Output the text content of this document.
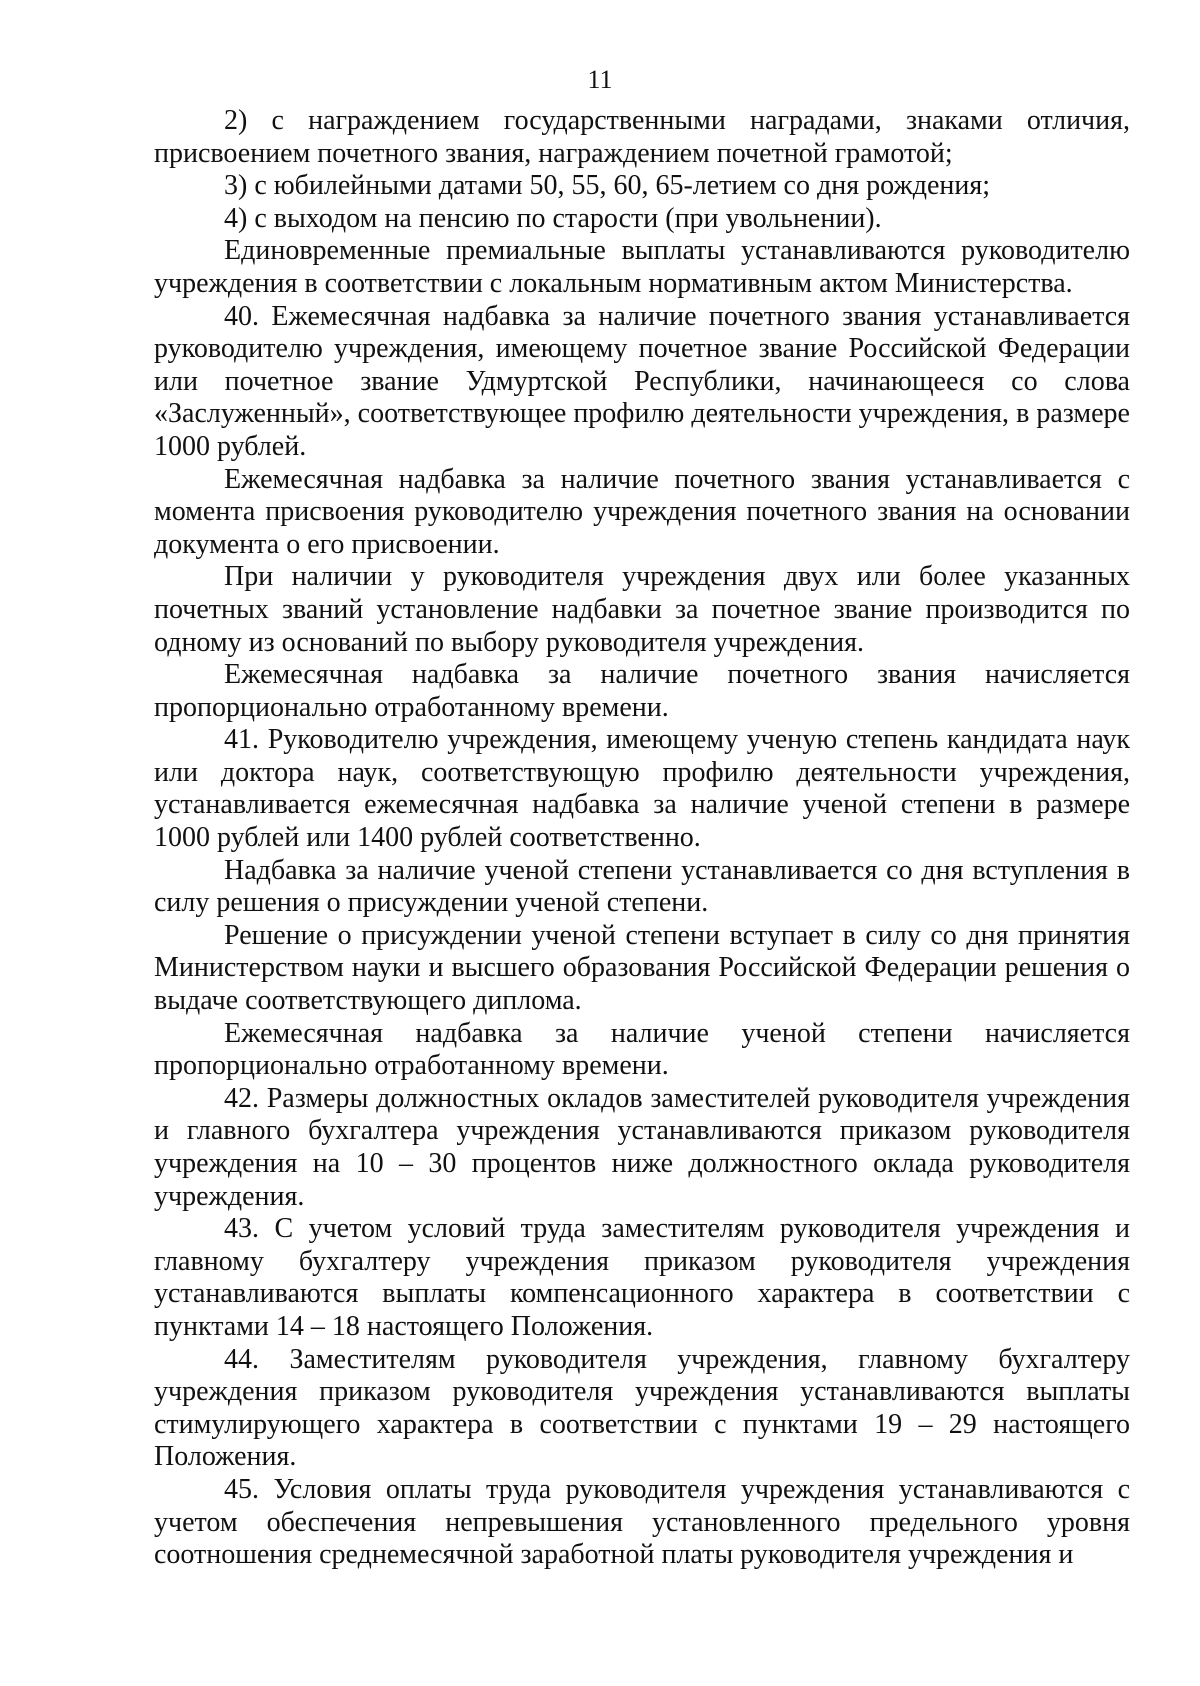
11

2) с награждением государственными наградами, знаками отличия, присвоением почетного звания, награждением почетной грамотой;

3) с юбилейными датами 50, 55, 60, 65-летием со дня рождения;

4) с выходом на пенсию по старости (при увольнении).

Единовременные премиальные выплаты устанавливаются руководителю учреждения в соответствии с локальным нормативным актом Министерства.

40. Ежемесячная надбавка за наличие почетного звания устанавливается руководителю учреждения, имеющему почетное звание Российской Федерации или почетное звание Удмуртской Республики, начинающееся со слова «Заслуженный», соответствующее профилю деятельности учреждения, в размере 1000 рублей.

Ежемесячная надбавка за наличие почетного звания устанавливается с момента присвоения руководителю учреждения почетного звания на основании документа о его присвоении.

При наличии у руководителя учреждения двух или более указанных почетных званий установление надбавки за почетное звание производится по одному из оснований по выбору руководителя учреждения.

Ежемесячная надбавка за наличие почетного звания начисляется пропорционально отработанному времени.

41. Руководителю учреждения, имеющему ученую степень кандидата наук или доктора наук, соответствующую профилю деятельности учреждения, устанавливается ежемесячная надбавка за наличие ученой степени в размере 1000 рублей или 1400 рублей соответственно.

Надбавка за наличие ученой степени устанавливается со дня вступления в силу решения о присуждении ученой степени.

Решение о присуждении ученой степени вступает в силу со дня принятия Министерством науки и высшего образования Российской Федерации решения о выдаче соответствующего диплома.

Ежемесячная надбавка за наличие ученой степени начисляется пропорционально отработанному времени.

42. Размеры должностных окладов заместителей руководителя учреждения и главного бухгалтера учреждения устанавливаются приказом руководителя учреждения на 10 – 30 процентов ниже должностного оклада руководителя учреждения.

43. С учетом условий труда заместителям руководителя учреждения и главному бухгалтеру учреждения приказом руководителя учреждения устанавливаются выплаты компенсационного характера в соответствии с пунктами 14 – 18 настоящего Положения.

44. Заместителям руководителя учреждения, главному бухгалтеру учреждения приказом руководителя учреждения устанавливаются выплаты стимулирующего характера в соответствии с пунктами 19 – 29 настоящего Положения.

45. Условия оплаты труда руководителя учреждения устанавливаются с учетом обеспечения непревышения установленного предельного уровня соотношения среднемесячной заработной платы руководителя учреждения и
